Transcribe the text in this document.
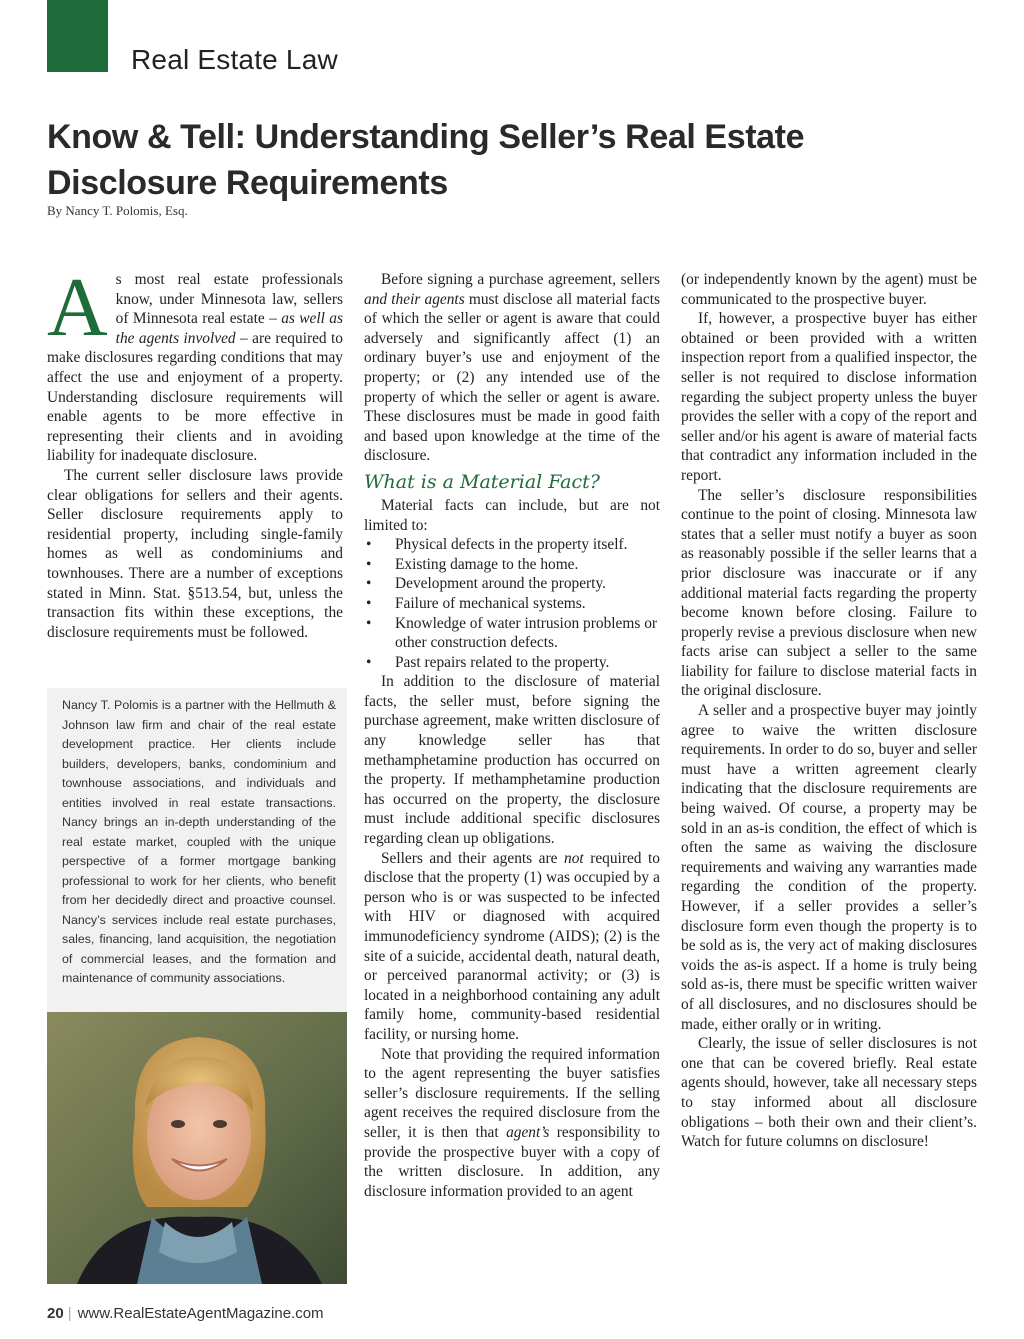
Real Estate Law
Know & Tell: Understanding Seller’s Real Estate
Disclosure Requirements
By Nancy T. Polomis, Esq.

As most real estate professionals know, under Minnesota law, sellers of Minnesota real estate – as well as the agents involved – are required to make disclosures regarding conditions that may affect the use and enjoyment of a property. Understanding disclosure requirements will enable agents to be more effective in representing their clients and in avoiding liability for inadequate disclosure.

The current seller disclosure laws provide clear obligations for sellers and their agents. Seller disclosure requirements apply to residential property, including single-family homes as well as condominiums and townhouses. There are a number of exceptions stated in Minn. Stat. §513.54, but, unless the transaction fits within these exceptions, the disclosure requirements must be followed.

Nancy T. Polomis is a partner with the Hellmuth & Johnson law firm and chair of the real estate development practice. Her clients include builders, developers, banks, condominium and townhouse associations, and individuals and entities involved in real estate transactions. Nancy brings an in-depth understanding of the real estate market, coupled with the unique perspective of a former mortgage banking professional to work for her clients, who benefit from her decidedly direct and proactive counsel. Nancy’s services include real estate purchases, sales, financing, land acquisition, the negotiation of commercial leases, and the formation and maintenance of community associations.

Before signing a purchase agreement, sellers and their agents must disclose all material facts of which the seller or agent is aware that could adversely and significantly affect (1) an ordinary buyer’s use and enjoyment of the property; or (2) any intended use of the property of which the seller or agent is aware. These disclosures must be made in good faith and based upon knowledge at the time of the disclosure.

What is a Material Fact?

Material facts can include, but are not limited to:

• Physical defects in the property itself.
• Existing damage to the home.
• Development around the property.
• Failure of mechanical systems.
• Knowledge of water intrusion problems or other construction defects.
• Past repairs related to the property.

In addition to the disclosure of material facts, the seller must, before signing the purchase agreement, make written disclosure of any knowledge seller has that methamphetamine production has occurred on the property. If methamphetamine production has occurred on the property, the disclosure must include additional specific disclosures regarding clean up obligations.

Sellers and their agents are not required to disclose that the property (1) was occupied by a person who is or was suspected to be infected with HIV or diagnosed with acquired immunodeficiency syndrome (AIDS); (2) is the site of a suicide, accidental death, natural death, or perceived paranormal activity; or (3) is located in a neighborhood containing any adult family home, community-based residential facility, or nursing home.

Note that providing the required information to the agent representing the buyer satisfies seller’s disclosure requirements. If the selling agent receives the required disclosure from the seller, it is then that agent’s responsibility to provide the prospective buyer with a copy of the written disclosure. In addition, any disclosure information provided to an agent

(or independently known by the agent) must be communicated to the prospective buyer.

If, however, a prospective buyer has either obtained or been provided with a written inspection report from a qualified inspector, the seller is not required to disclose information regarding the subject property unless the buyer provides the seller with a copy of the report and seller and/or his agent is aware of material facts that contradict any information included in the report.

The seller’s disclosure responsibilities continue to the point of closing. Minnesota law states that a seller must notify a buyer as soon as reasonably possible if the seller learns that a prior disclosure was inaccurate or if any additional material facts regarding the property become known before closing. Failure to properly revise a previous disclosure when new facts arise can subject a seller to the same liability for failure to disclose material facts in the original disclosure.

A seller and a prospective buyer may jointly agree to waive the written disclosure requirements. In order to do so, buyer and seller must have a written agreement clearly indicating that the disclosure requirements are being waived. Of course, a property may be sold in an as-is condition, the effect of which is often the same as waiving the disclosure requirements and waiving any warranties made regarding the condition of the property. However, if a seller provides a seller’s disclosure form even though the property is to be sold as is, the very act of making disclosures voids the as-is aspect. If a home is truly being sold as-is, there must be specific written waiver of all disclosures, and no disclosures should be made, either orally or in writing.

Clearly, the issue of seller disclosures is not one that can be covered briefly. Real estate agents should, however, take all necessary steps to stay informed about all disclosure obligations – both their own and their client’s. Watch for future columns on disclosure!

20 | www.RealEstateAgentMagazine.com
